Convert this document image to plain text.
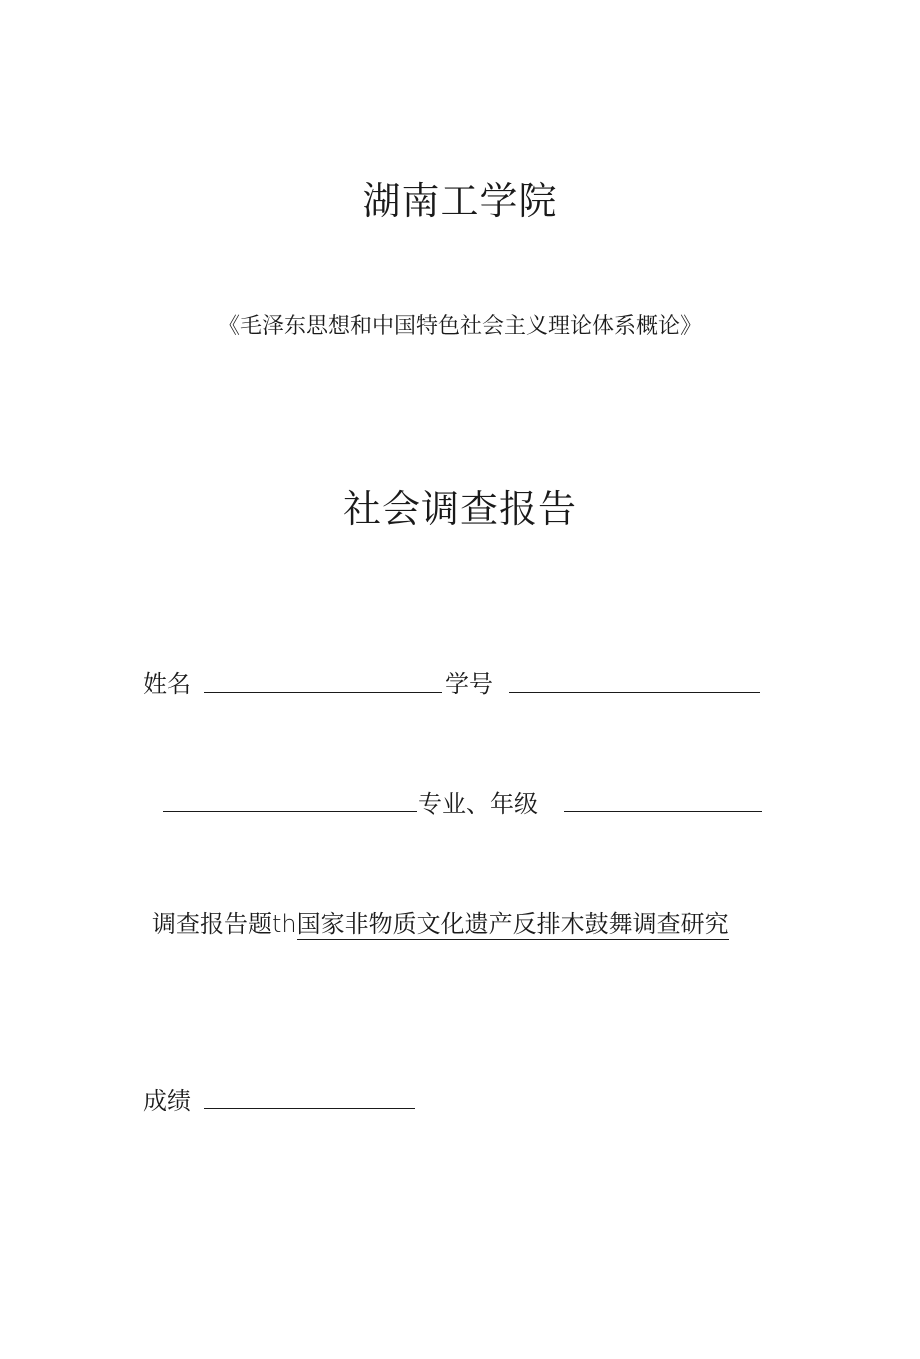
湖南工学院
《毛泽东思想和中国特色社会主义理论体系概论》
社会调查报告
姓名	学号
专业、年级
调查报告题th国家非物质文化遗产反排木鼓舞调查研究
成绩
